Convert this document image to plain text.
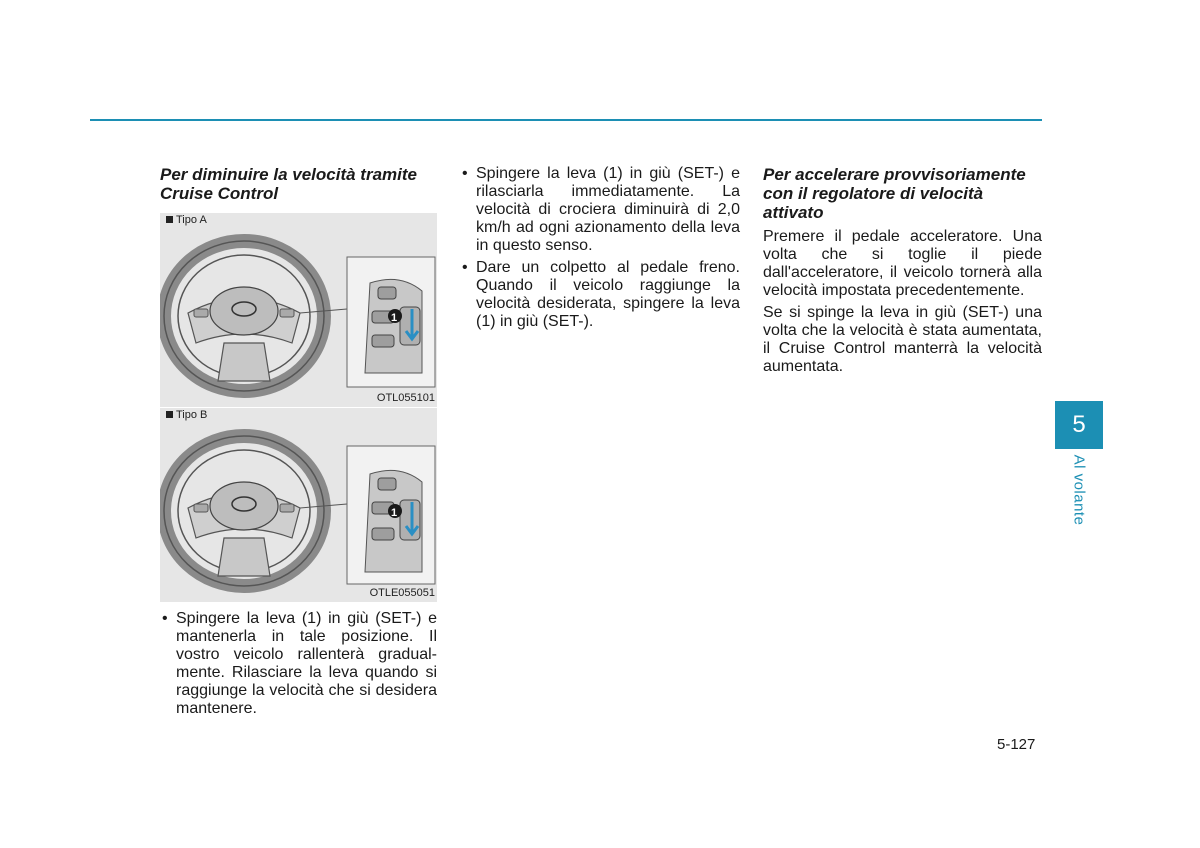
Per diminuire la velocità tramite Cruise Control
Tipo A
1
OTL055101
Tipo B
1
OTLE055051
• Spingere la leva (1) in giù (SET-) e mantenerla in tale posizione. Il vostro veicolo rallenterà gradualmente. Rilasciare la leva quando si raggiunge la velocità che si desidera mantenere.
• Spingere la leva (1) in giù (SET-) e rilasciarla immediatamente. La velocità di crociera diminuirà di 2,0 km/h ad ogni azionamento della leva in questo senso.
• Dare un colpetto al pedale freno. Quando il veicolo raggiunge la velocità desiderata, spingere la leva (1) in giù (SET-).
Per accelerare provvisoriamente con il regolatore di velocità attivato

Premere il pedale acceleratore. Una volta che si toglie il piede dall'acceleratore, il veicolo tornerà alla velocità impostata precedentemente.

Se si spinge la leva in giù (SET-) una volta che la velocità è stata aumentata, il Cruise Control manterrà la velocità aumentata.

5
Al volante
5-127
